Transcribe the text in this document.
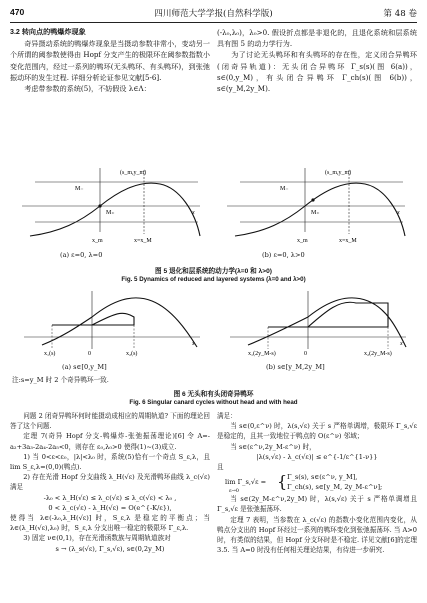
470	四川师范大学学报(自然科学版)	第 48 卷

3.2 转向点的鸭爆炸现象

奇异摄动系统的鸭爆炸现象是当摄动参数非常小，变动另一个所谓的阈参数使得由 Hopf 分支产生的极限环在阈参数指数小变化范围内，经过一系列的鸭环(无头鸭环、有头鸭环)，到张弛振动环的发生过程. 详细分析论证参见文献[5-6].

考虑带参数的系统(5)，不妨假设 λ∈Λ：

(-λ₀,λ₀)，λ₀>0. 假设折点都是非退化的，且退化系统和层系统具有图 5 的动力学行为.

为了讨论无头鸭环和有头鸭环的存在性，定义闭合异鸭环(闭奇异轨道)：无头闭合异鸭环 Γ_s(s)(图 6(a))，s∈(0,y_M)，有头闭合异鸭环 Γ_ch(s)(图 6(b))，s∈(y_M,2y_M).

(s_m,y_m)
M₋
M₊
x_m	x=x_M
x
(s_m,y_m)
M₋
M₊
x_m	x=x_M
x
(a) ε=0, λ=0	(b) ε=0, λ>0
图 5 退化和层系统的动力学(λ=0 和 λ>0)
Fig. 5 Dynamics of reduced and layered systems (λ=0 and λ>0)
x₁(s)	0	x₂(s)
x
x₁(2y_M-s)	0	x₂(2y_M-s)
x
(a) s∈[0,y_M]	(b) s∈[y_M,2y_M]
注:s=y_M 时 2 个奇异鸭环一致.
图 6 无头和有头闭奇异鸭环
Fig. 6 Singular canard cycles without head and with head

问题 2 闭奇异鸭环何时能摄动成相应的周期轨道? 下面的理论回答了这个问题.

定理 7(奇异 Hopf 分支-鸭爆炸-张弛振荡理论)[6] 令 A=-a₂+3a₃-2a₄-2a₅<0，则存在 ε₀,λ₀>0 使得(1)~(3)成立.

1) 当 0<ε<ε₀，|λ|<λ₀ 时，系统(5)恰有一个奇点 S_ε,λ，且 lim S_ε,λ=(0,0)(鸭点).

2) 存在光滑 Hopf 分支曲线 λ_H(√ε) 及光滑鸭环曲线 λ_c(√ε) 满足

-λ₀ < λ_H(√ε) ≤ λ_c(√ε) ≤ λ_c(√ε) < λ₀ ,

0 < λ_c(√ε) - λ_H(√ε) = O(e^{-K/ε}),

使得当 λ∈(-λ₀,λ_H(√ε)] 时，S_ε,λ 是稳定的平衡点；当 λ∈(λ_H(√ε),λ₀) 时，S_ε,λ 分支出唯一稳定的极限环 Γ_ε,λ.

3) 固定 ν∈(0,1)，存在光滑函数族与周期轨道族对

s → (λ_s(√ε), Γ_s,√ε), s∈(0,2y_M)

满足：

当 s∈(0,ε^ν) 时，λ(s,√ε) 关于 s 严格单调增，极限环 Γ_s,√ε 是稳定的，且其一致地位于鸭点的 O(ε^ν) 邻域；

当 s∈(ε^ν,2y_M-ε^ν) 时，

|λ(s,√ε) - λ_c(√ε)| ≤ e^{-1/ε^{1-ν}}

且

lim Γ_s,√ε =
ε→0 { Γ_s(s), s∈(ε^ν, y_M],
Γ_ch(s), s∈[y_M, 2y_M-ε^ν];

当 s∈(2y_M-ε^ν,2y_M) 时，λ(s,√ε) 关于 s 严格单调增且 Γ_s,√ε 是张弛振荡环.

定理 7 表明，当参数在 λ_c(√ε) 的指数小变化范围内变化，从鸭点分支出的 Hopf 环经过一系列的鸭环变化到张弛振荡环. 当 A>0 时，有类似的结果，但 Hopf 分支环时是不稳定. 详见文献[6]的定理 3.5. 当 A=0 时没有任何相关理论结果，有待进一步研究.
